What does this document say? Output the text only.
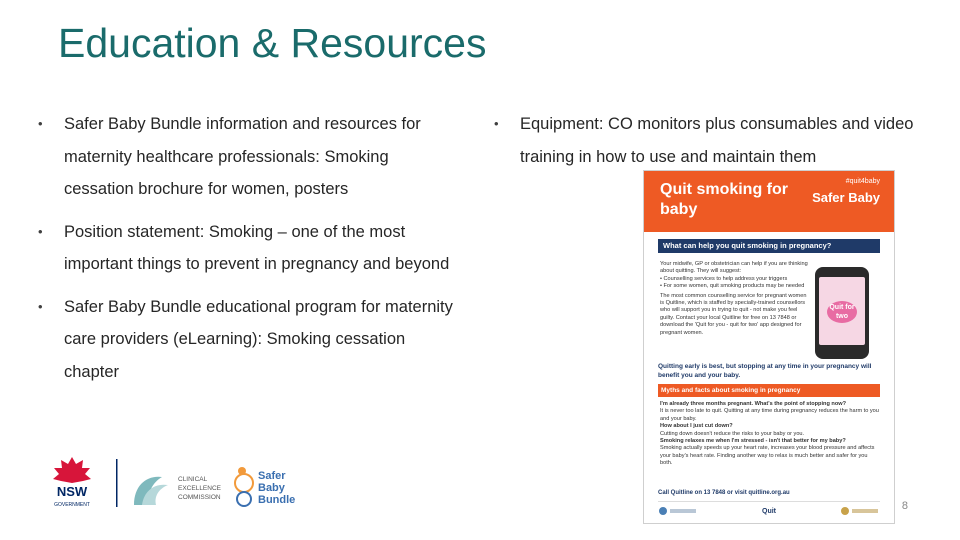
Education & Resources
• Safer Baby Bundle information and resources for maternity healthcare professionals: Smoking cessation brochure for women, posters
• Position statement: Smoking – one of the most important things to prevent in pregnancy and beyond
• Safer Baby Bundle educational program for maternity care providers (eLearning): Smoking cessation chapter
• Equipment: CO monitors plus consumables and video training in how to use and maintain them
Quit smoking for baby
#quit4baby
Safer Baby
What can help you quit smoking in pregnancy?
Your midwife, GP or obstetrician can help if you are thinking about quitting. They will suggest:
• Counselling services to help address your triggers
• For some women, quit smoking products may be needed
The most common counselling service for pregnant women is Quitline, which is staffed by specially-trained counsellors who will support you in trying to quit - not make you feel guilty. Contact your local Quitline for free on 13 7848 or download the 'Quit for you - quit for two' app designed for pregnant women.
Quit for two
Quitting early is best, but stopping at any time in your pregnancy will benefit you and your baby.
Myths and facts about smoking in pregnancy
I'm already three months pregnant. What's the point of stopping now?
It is never too late to quit. Quitting at any time during pregnancy reduces the harm to you and your baby.
How about I just cut down?
Cutting down doesn't reduce the risks to your baby or you.
Smoking relaxes me when I'm stressed - isn't that better for my baby?
Smoking actually speeds up your heart rate, increases your blood pressure and affects your baby's heart rate. Finding another way to relax is much better and safer for you both.
Call Quitline on 13 7848 or visit quitline.org.au
Quit
NSW
GOVERNMENT
CLINICAL
EXCELLENCE
COMMISSION
Safer
Baby
Bundle	8
